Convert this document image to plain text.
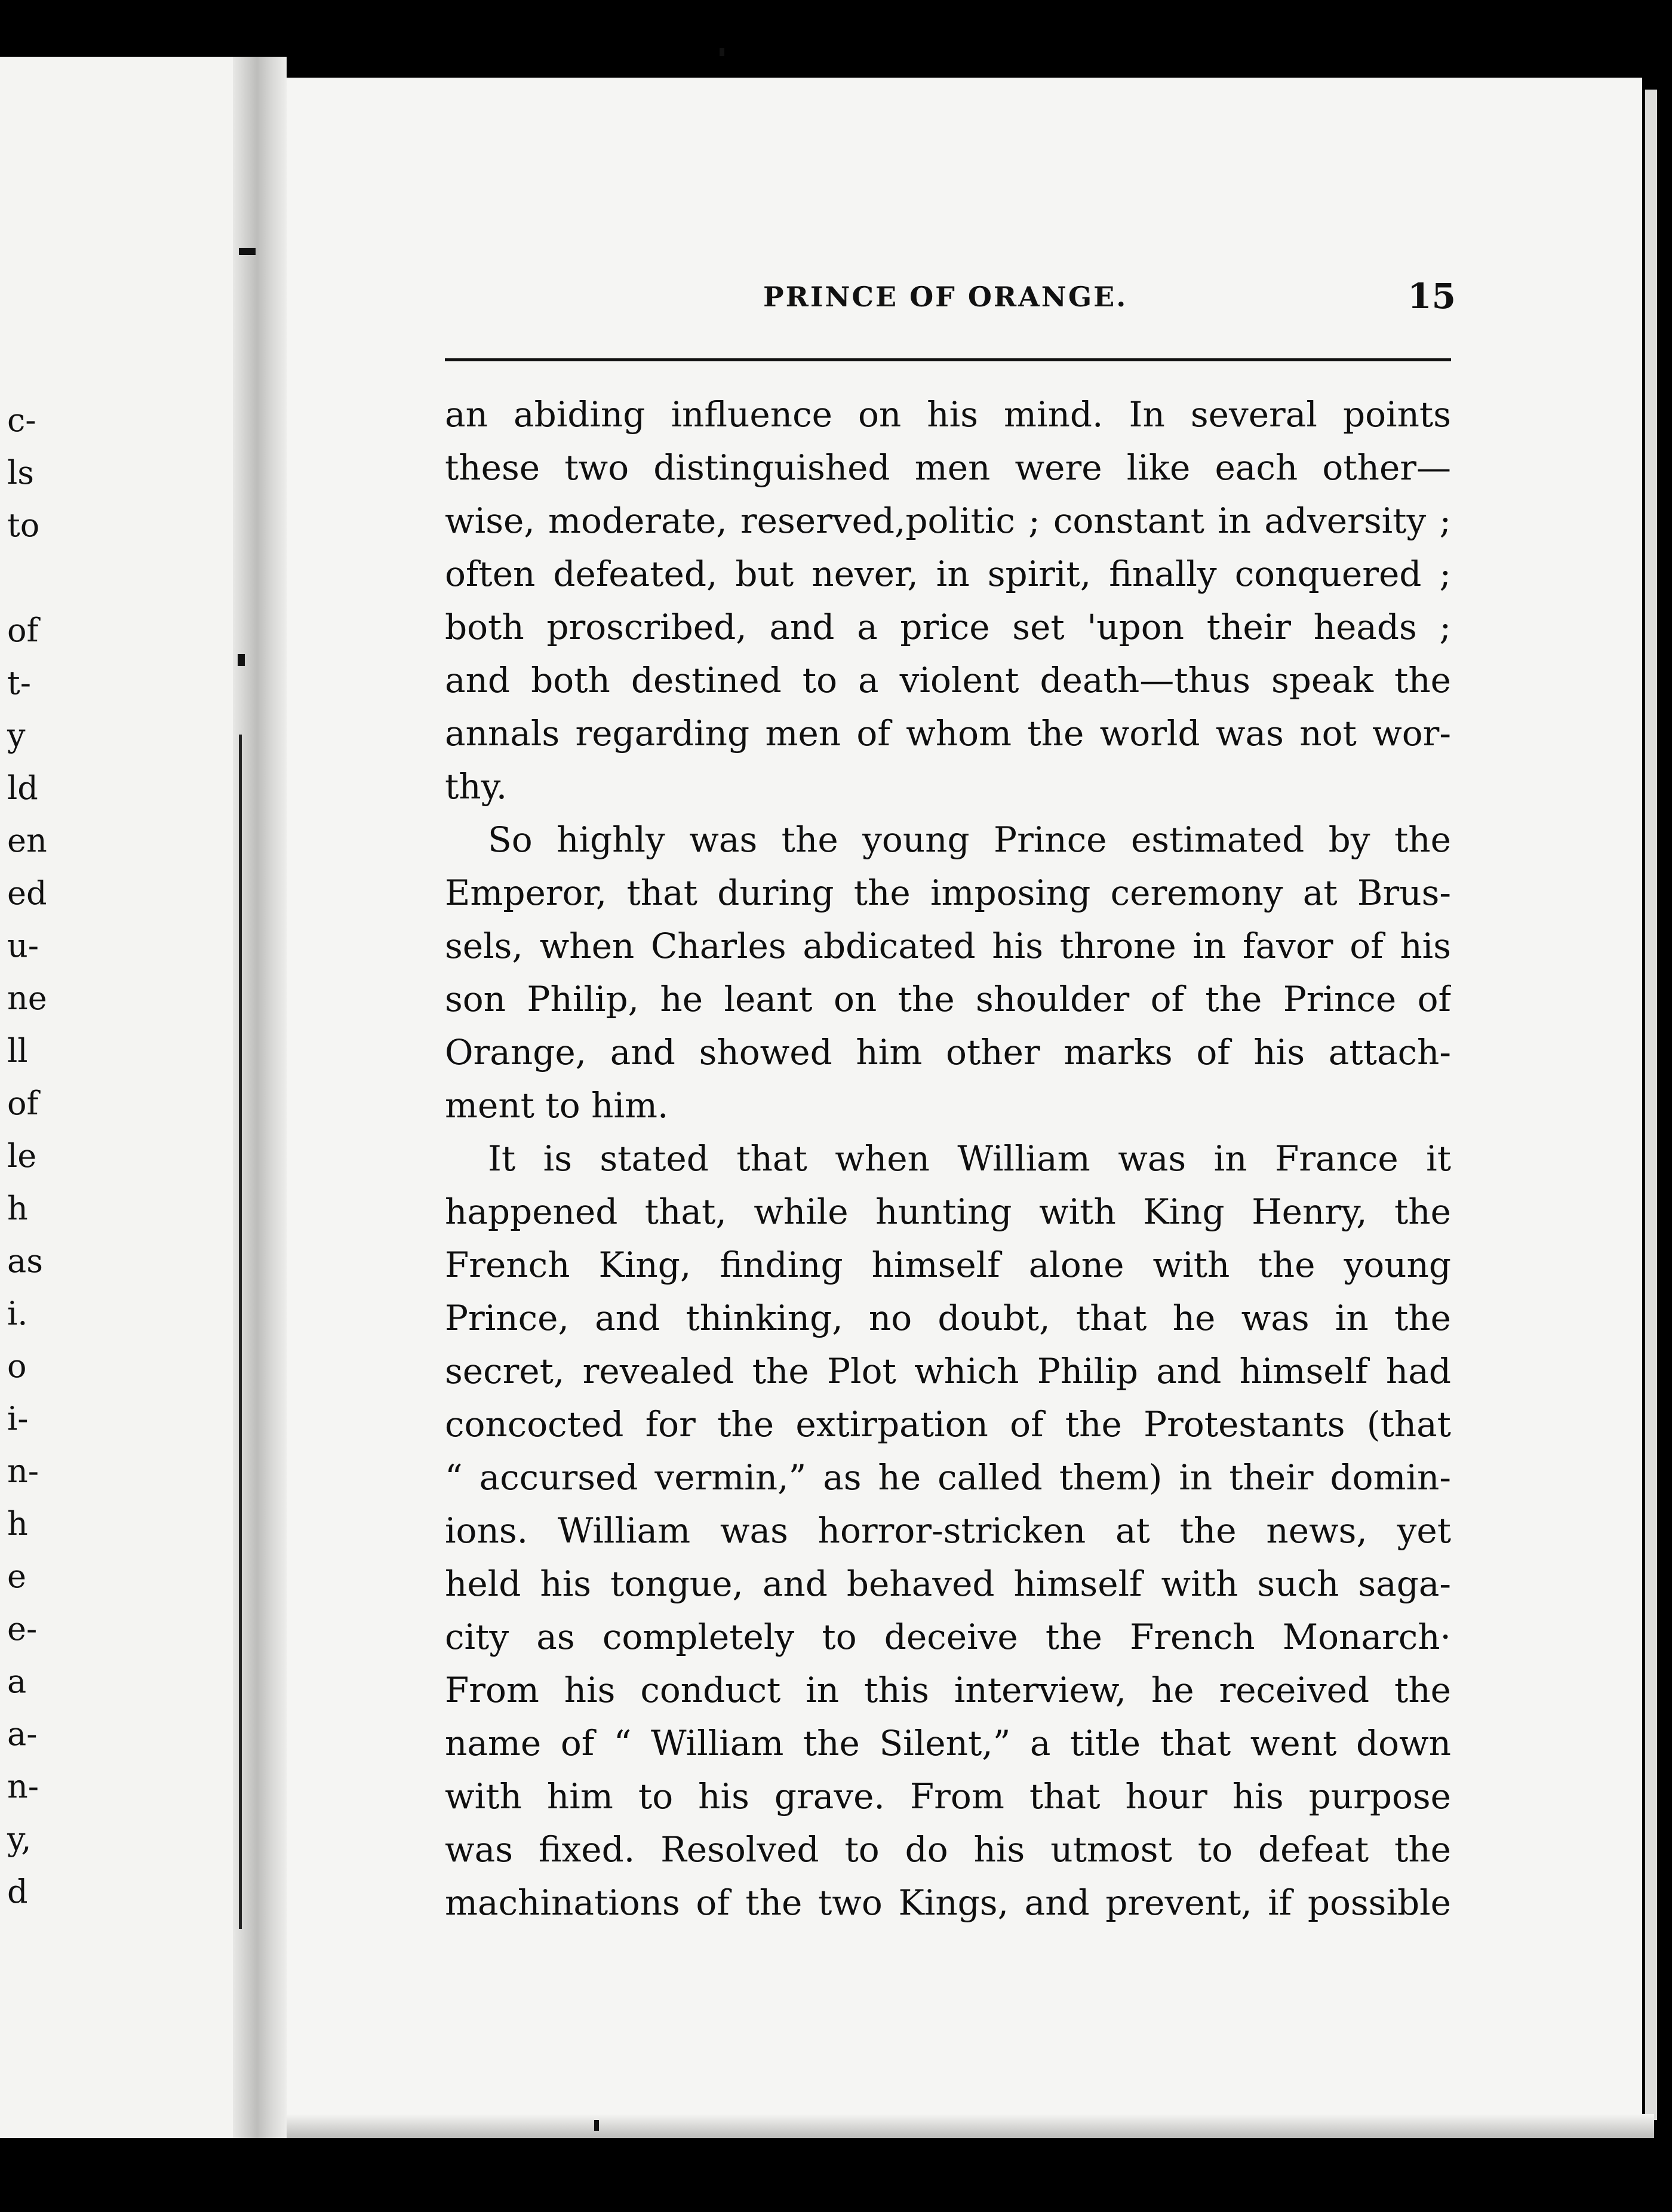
c-
ls
to
of
t-
y
ld
en
ed
u-
ne
ll
of
le
h
as
i.
o
i-
n-
h
e
e-
a
a-
n-
y,
d
PRINCE OF ORANGE.	15
an abiding influence on his mind. In several points
these two distinguished men were like each other—
wise, moderate, reserved,politic ; constant in adversity ;
often defeated, but never, in spirit, finally conquered ;
both proscribed, and a price set 'upon their heads ;
and both destined to a violent death—thus speak the
annals regarding men of whom the world was not wor-
thy.
So highly was the young Prince estimated by the
Emperor, that during the imposing ceremony at Brus-
sels, when Charles abdicated his throne in favor of his
son Philip, he leant on the shoulder of the Prince of
Orange, and showed him other marks of his attach-
ment to him.
It is stated that when William was in France it
happened that, while hunting with King Henry, the
French King, finding himself alone with the young
Prince, and thinking, no doubt, that he was in the
secret, revealed the Plot which Philip and himself had
concocted for the extirpation of the Protestants (that
“ accursed vermin,” as he called them) in their domin-
ions. William was horror-stricken at the news, yet
held his tongue, and behaved himself with such saga-
city as completely to deceive the French Monarch·
From his conduct in this interview, he received the
name of “ William the Silent,” a title that went down
with him to his grave. From that hour his purpose
was fixed. Resolved to do his utmost to defeat the
machinations of the two Kings, and prevent, if possible
